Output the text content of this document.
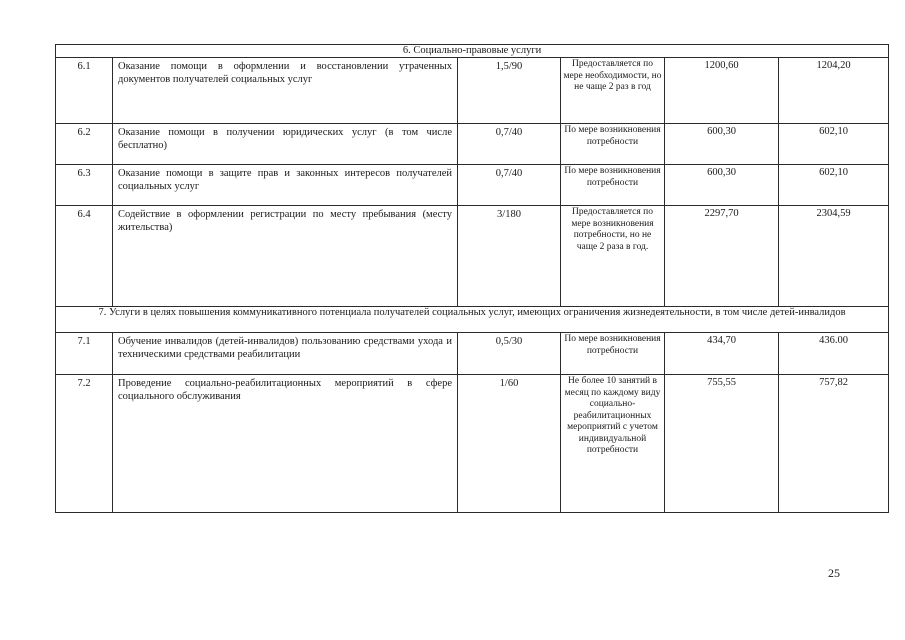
6. Социально-правовые услуги					
6.1	Оказание помощи в оформлении и восстановлении утраченных документов получателей социальных услуг	1,5/90	Предоставляется по мере необходимости, но не чаще 2 раз в год	1200,60	1204,20
6.2	Оказание помощи в получении юридических услуг (в том числе бесплатно)	0,7/40	По мере возникновения потребности	600,30	602,10
6.3	Оказание помощи в защите прав и законных интересов получателей социальных услуг	0,7/40	По мере возникновения потребности	600,30	602,10
6.4	Содействие в оформлении регистрации по месту пребывания (месту жительства)	3/180	Предоставляется по мере возникновения потребности, но не чаще 2 раза в год.	2297,70	2304,59
7. Услуги в целях повышения коммуникативного потенциала получателей социальных услуг, имеющих ограничения жизнедеятельности, в том числе детей-инвалидов					
7.1	Обучение инвалидов (детей-инвалидов) пользованию средствами ухода и техническими средствами реабилитации	0,5/30	По мере возникновения потребности	434,70	436.00
7.2	Проведение социально-реабилитационных мероприятий в сфере социального обслуживания	1/60	Не более 10 занятий в месяц по каждому виду социально-реабилитационных мероприятий с учетом индивидуальной потребности	755,55	757,82
25
